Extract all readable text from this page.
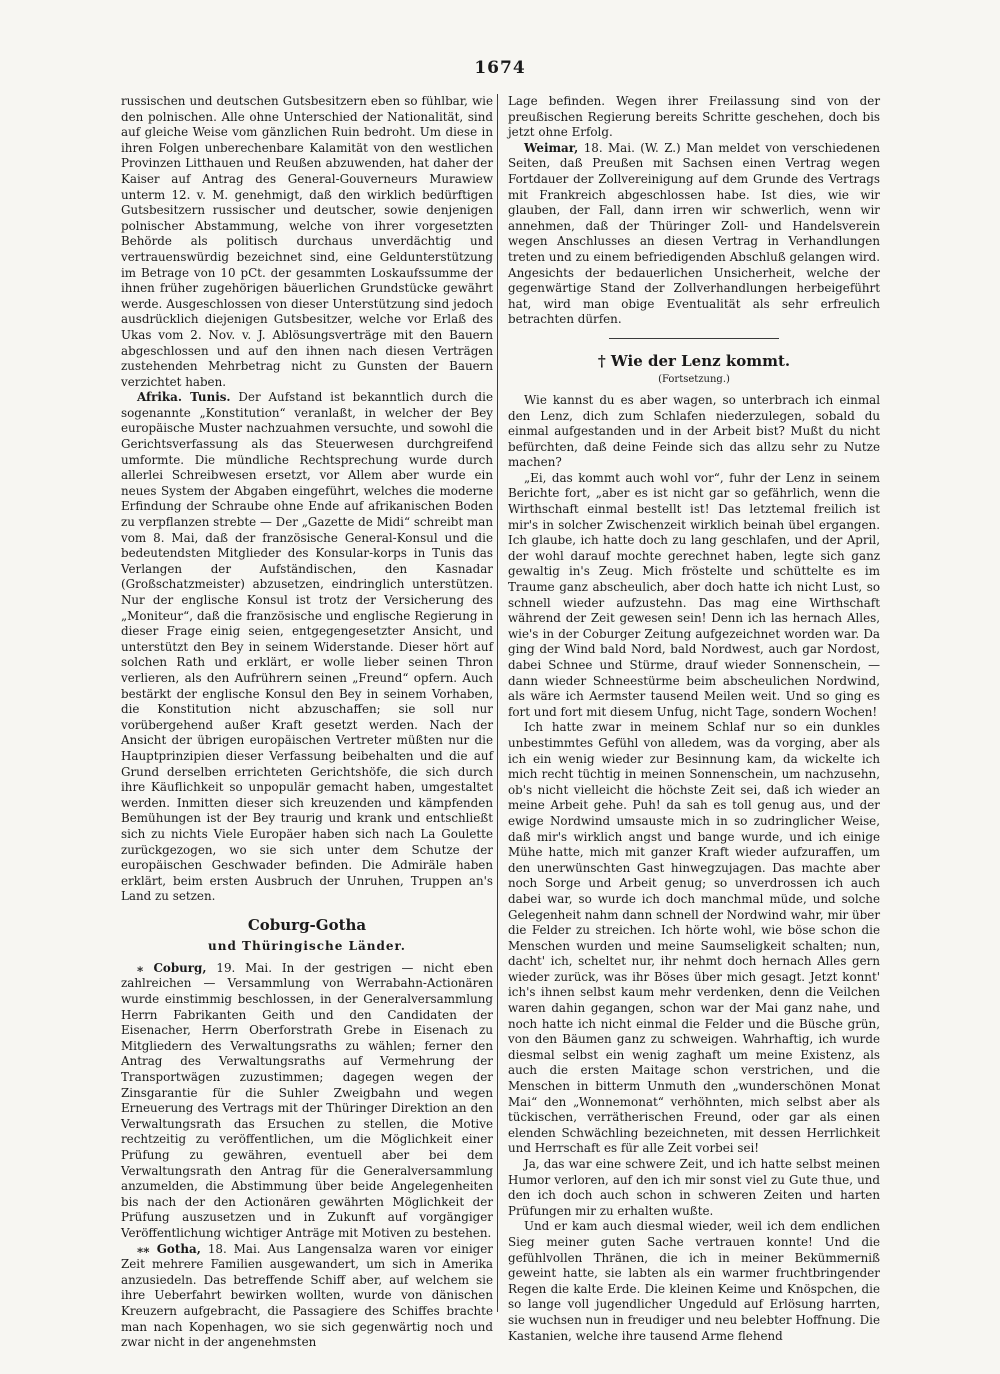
1674

russischen und deutschen Gutsbesitzern eben so fühlbar, wie den polnischen. Alle ohne Unterschied der Nationalität, sind auf gleiche Weise vom gänzlichen Ruin bedroht. Um diese in ihren Folgen unberechenbare Kalamität von den westlichen Provinzen Litthauen und Reußen abzuwenden, hat daher der Kaiser auf Antrag des General-Gouverneurs Murawiew unterm 12. v. M. genehmigt, daß den wirklich bedürftigen Gutsbesitzern russischer und deutscher, sowie denjenigen polnischer Abstammung, welche von ihrer vorgesetzten Behörde als politisch durchaus unverdächtig und vertrauenswürdig bezeichnet sind, eine Geldunterstützung im Betrage von 10 pCt. der gesammten Loskaufssumme der ihnen früher zugehörigen bäuerlichen Grundstücke gewährt werde. Ausgeschlossen von dieser Unterstützung sind jedoch ausdrücklich diejenigen Gutsbesitzer, welche vor Erlaß des Ukas vom 2. Nov. v. J. Ablösungsverträge mit den Bauern abgeschlossen und auf den ihnen nach diesen Verträgen zustehenden Mehrbetrag nicht zu Gunsten der Bauern verzichtet haben.

Afrika. Tunis. Der Aufstand ist bekanntlich durch die sogenannte „Konstitution“ veranlaßt, in welcher der Bey europäische Muster nachzuahmen versuchte, und sowohl die Gerichtsverfassung als das Steuerwesen durchgreifend umformte. Die mündliche Rechtsprechung wurde durch allerlei Schreibwesen ersetzt, vor Allem aber wurde ein neues System der Abgaben eingeführt, welches die moderne Erfindung der Schraube ohne Ende auf afrikanischen Boden zu verpflanzen strebte — Der „Gazette de Midi“ schreibt man vom 8. Mai, daß der französische General-Konsul und die bedeutendsten Mitglieder des Konsular-korps in Tunis das Verlangen der Aufständischen, den Kasnadar (Großschatzmeister) abzusetzen, eindringlich unterstützen. Nur der englische Konsul ist trotz der Versicherung des „Moniteur“, daß die französische und englische Regierung in dieser Frage einig seien, entgegengesetzter Ansicht, und unterstützt den Bey in seinem Widerstande. Dieser hört auf solchen Rath und erklärt, er wolle lieber seinen Thron verlieren, als den Aufrührern seinen „Freund“ opfern. Auch bestärkt der englische Konsul den Bey in seinem Vorhaben, die Konstitution nicht abzuschaffen; sie soll nur vorübergehend außer Kraft gesetzt werden. Nach der Ansicht der übrigen europäischen Vertreter müßten nur die Hauptprinzipien dieser Verfassung beibehalten und die auf Grund derselben errichteten Gerichtshöfe, die sich durch ihre Käuflichkeit so unpopulär gemacht haben, umgestaltet werden. Inmitten dieser sich kreuzenden und kämpfenden Bemühungen ist der Bey traurig und krank und entschließt sich zu nichts Viele Europäer haben sich nach La Goulette zurückgezogen, wo sie sich unter dem Schutze der europäischen Geschwader befinden. Die Admiräle haben erklärt, beim ersten Ausbruch der Unruhen, Truppen an's Land zu setzen.

Coburg-Gotha
und Thüringische Länder.

⁎ Coburg, 19. Mai. In der gestrigen — nicht eben zahlreichen — Versammlung von Werrabahn-Actionären wurde einstimmig beschlossen, in der Generalversammlung Herrn Fabrikanten Geith und den Candidaten der Eisenacher, Herrn Oberforstrath Grebe in Eisenach zu Mitgliedern des Verwaltungsraths zu wählen; ferner den Antrag des Verwaltungsraths auf Vermehrung der Transportwägen zuzustimmen; dagegen wegen der Zinsgarantie für die Suhler Zweigbahn und wegen Erneuerung des Vertrags mit der Thüringer Direktion an den Verwaltungsrath das Ersuchen zu stellen, die Motive rechtzeitig zu veröffentlichen, um die Möglichkeit einer Prüfung zu gewähren, eventuell aber bei dem Verwaltungsrath den Antrag für die Generalversammlung anzumelden, die Abstimmung über beide Angelegenheiten bis nach der den Actionären gewährten Möglichkeit der Prüfung auszusetzen und in Zukunft auf vorgängiger Veröffentlichung wichtiger Anträge mit Motiven zu bestehen.

⁎⁎ Gotha, 18. Mai. Aus Langensalza waren vor einiger Zeit mehrere Familien ausgewandert, um sich in Amerika anzusiedeln. Das betreffende Schiff aber, auf welchem sie ihre Ueberfahrt bewirken wollten, wurde von dänischen Kreuzern aufgebracht, die Passagiere des Schiffes brachte man nach Kopenhagen, wo sie sich gegenwärtig noch und zwar nicht in der angenehmsten

Lage befinden. Wegen ihrer Freilassung sind von der preußischen Regierung bereits Schritte geschehen, doch bis jetzt ohne Erfolg.

Weimar, 18. Mai. (W. Z.) Man meldet von verschiedenen Seiten, daß Preußen mit Sachsen einen Vertrag wegen Fortdauer der Zollvereinigung auf dem Grunde des Vertrags mit Frankreich abgeschlossen habe. Ist dies, wie wir glauben, der Fall, dann irren wir schwerlich, wenn wir annehmen, daß der Thüringer Zoll- und Handelsverein wegen Anschlusses an diesen Vertrag in Verhandlungen treten und zu einem befriedigenden Abschluß gelangen wird. Angesichts der bedauerlichen Unsicherheit, welche der gegenwärtige Stand der Zollverhandlungen herbeigeführt hat, wird man obige Eventualität als sehr erfreulich betrachten dürfen.

† Wie der Lenz kommt.
(Fortsetzung.)

Wie kannst du es aber wagen, so unterbrach ich einmal den Lenz, dich zum Schlafen niederzulegen, sobald du einmal aufgestanden und in der Arbeit bist? Mußt du nicht befürchten, daß deine Feinde sich das allzu sehr zu Nutze machen?

„Ei, das kommt auch wohl vor“, fuhr der Lenz in seinem Berichte fort, „aber es ist nicht gar so gefährlich, wenn die Wirthschaft einmal bestellt ist! Das letztemal freilich ist mir's in solcher Zwischenzeit wirklich beinah übel ergangen. Ich glaube, ich hatte doch zu lang geschlafen, und der April, der wohl darauf mochte gerechnet haben, legte sich ganz gewaltig in's Zeug. Mich fröstelte und schüttelte es im Traume ganz abscheulich, aber doch hatte ich nicht Lust, so schnell wieder aufzustehn. Das mag eine Wirthschaft während der Zeit gewesen sein! Denn ich las hernach Alles, wie's in der Coburger Zeitung aufgezeichnet worden war. Da ging der Wind bald Nord, bald Nordwest, auch gar Nordost, dabei Schnee und Stürme, drauf wieder Sonnenschein, — dann wieder Schneestürme beim abscheulichen Nordwind, als wäre ich Aermster tausend Meilen weit. Und so ging es fort und fort mit diesem Unfug, nicht Tage, sondern Wochen!

Ich hatte zwar in meinem Schlaf nur so ein dunkles unbestimmtes Gefühl von alledem, was da vorging, aber als ich ein wenig wieder zur Besinnung kam, da wickelte ich mich recht tüchtig in meinen Sonnenschein, um nachzusehn, ob's nicht vielleicht die höchste Zeit sei, daß ich wieder an meine Arbeit gehe. Puh! da sah es toll genug aus, und der ewige Nordwind umsauste mich in so zudringlicher Weise, daß mir's wirklich angst und bange wurde, und ich einige Mühe hatte, mich mit ganzer Kraft wieder aufzuraffen, um den unerwünschten Gast hinwegzujagen. Das machte aber noch Sorge und Arbeit genug; so unverdrossen ich auch dabei war, so wurde ich doch manchmal müde, und solche Gelegenheit nahm dann schnell der Nordwind wahr, mir über die Felder zu streichen. Ich hörte wohl, wie böse schon die Menschen wurden und meine Saumseligkeit schalten; nun, dacht' ich, scheltet nur, ihr nehmt doch hernach Alles gern wieder zurück, was ihr Böses über mich gesagt. Jetzt konnt' ich's ihnen selbst kaum mehr verdenken, denn die Veilchen waren dahin gegangen, schon war der Mai ganz nahe, und noch hatte ich nicht einmal die Felder und die Büsche grün, von den Bäumen ganz zu schweigen. Wahrhaftig, ich wurde diesmal selbst ein wenig zaghaft um meine Existenz, als auch die ersten Maitage schon verstrichen, und die Menschen in bitterm Unmuth den „wunderschönen Monat Mai“ den „Wonnemonat“ verhöhnten, mich selbst aber als tückischen, verrätherischen Freund, oder gar als einen elenden Schwächling bezeichneten, mit dessen Herrlichkeit und Herrschaft es für alle Zeit vorbei sei!

Ja, das war eine schwere Zeit, und ich hatte selbst meinen Humor verloren, auf den ich mir sonst viel zu Gute thue, und den ich doch auch schon in schweren Zeiten und harten Prüfungen mir zu erhalten wußte.

Und er kam auch diesmal wieder, weil ich dem endlichen Sieg meiner guten Sache vertrauen konnte! Und die gefühlvollen Thränen, die ich in meiner Bekümmerniß geweint hatte, sie labten als ein warmer fruchtbringender Regen die kalte Erde. Die kleinen Keime und Knöspchen, die so lange voll jugendlicher Ungeduld auf Erlösung harrten, sie wuchsen nun in freudiger und neu belebter Hoffnung. Die Kastanien, welche ihre tausend Arme flehend
